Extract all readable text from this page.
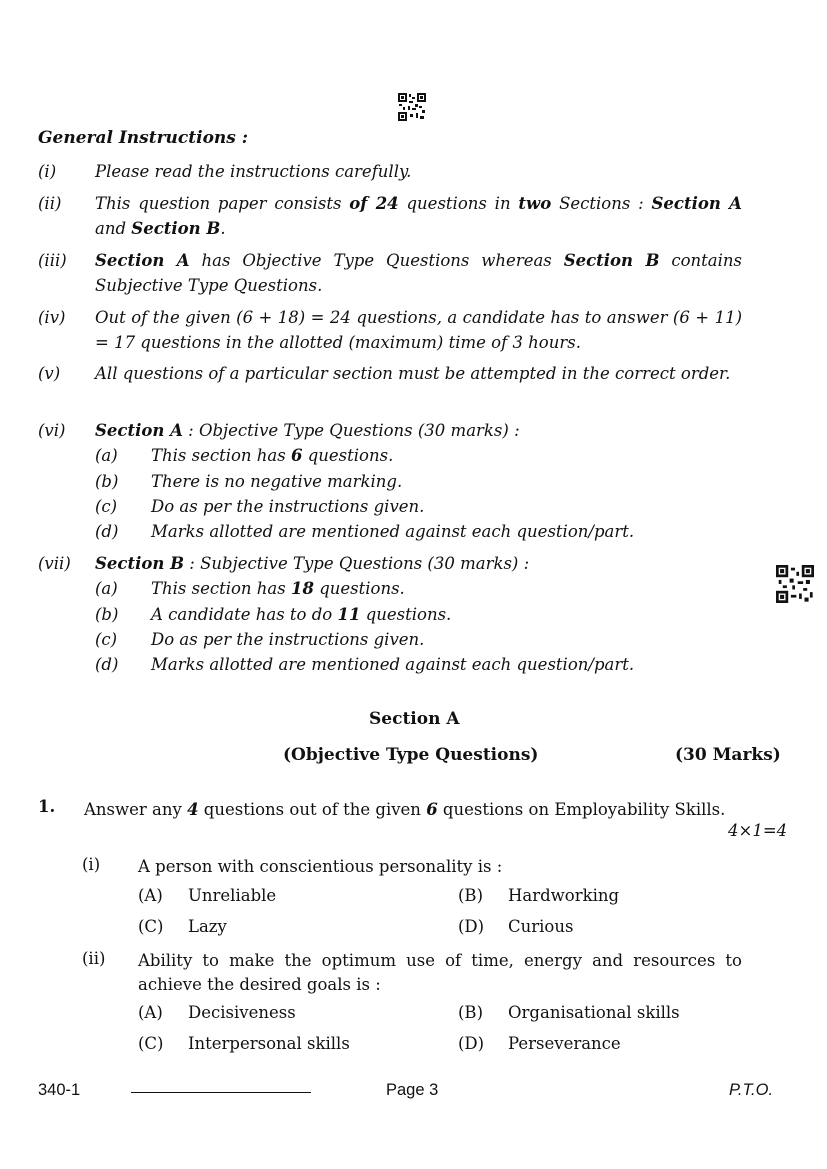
General Instructions :
(i)	Please read the instructions carefully.
(ii)	This question paper consists of 24 questions in two Sections : Section A and Section B.
(iii)	Section A has Objective Type Questions whereas Section B contains Subjective Type Questions.
(iv)	Out of the given (6 + 18) = 24 questions, a candidate has to answer (6 + 11) = 17 questions in the allotted (maximum) time of 3 hours.
(v)	All questions of a particular section must be attempted in the correct order.
(vi)	Section A : Objective Type Questions (30 marks) :
(a) This section has 6 questions.
(b) There is no negative marking.
(c) Do as per the instructions given.
(d) Marks allotted are mentioned against each question/part.
(vii)	Section B : Subjective Type Questions (30 marks) :
(a) This section has 18 questions.
(b) A candidate has to do 11 questions.
(c) Do as per the instructions given.
(d) Marks allotted are mentioned against each question/part.
Section A
(Objective Type Questions)	(30 Marks)
1. Answer any 4 questions out of the given 6 questions on Employability Skills.
4×1=4
(i) A person with conscientious personality is :
(A) Unreliable	(B) Hardworking
(C) Lazy	(D) Curious
(ii) Ability to make the optimum use of time, energy and resources to achieve the desired goals is :
(A) Decisiveness	(B) Organisational skills
(C) Interpersonal skills	(D) Perseverance
340-1	Page 3	P.T.O.
